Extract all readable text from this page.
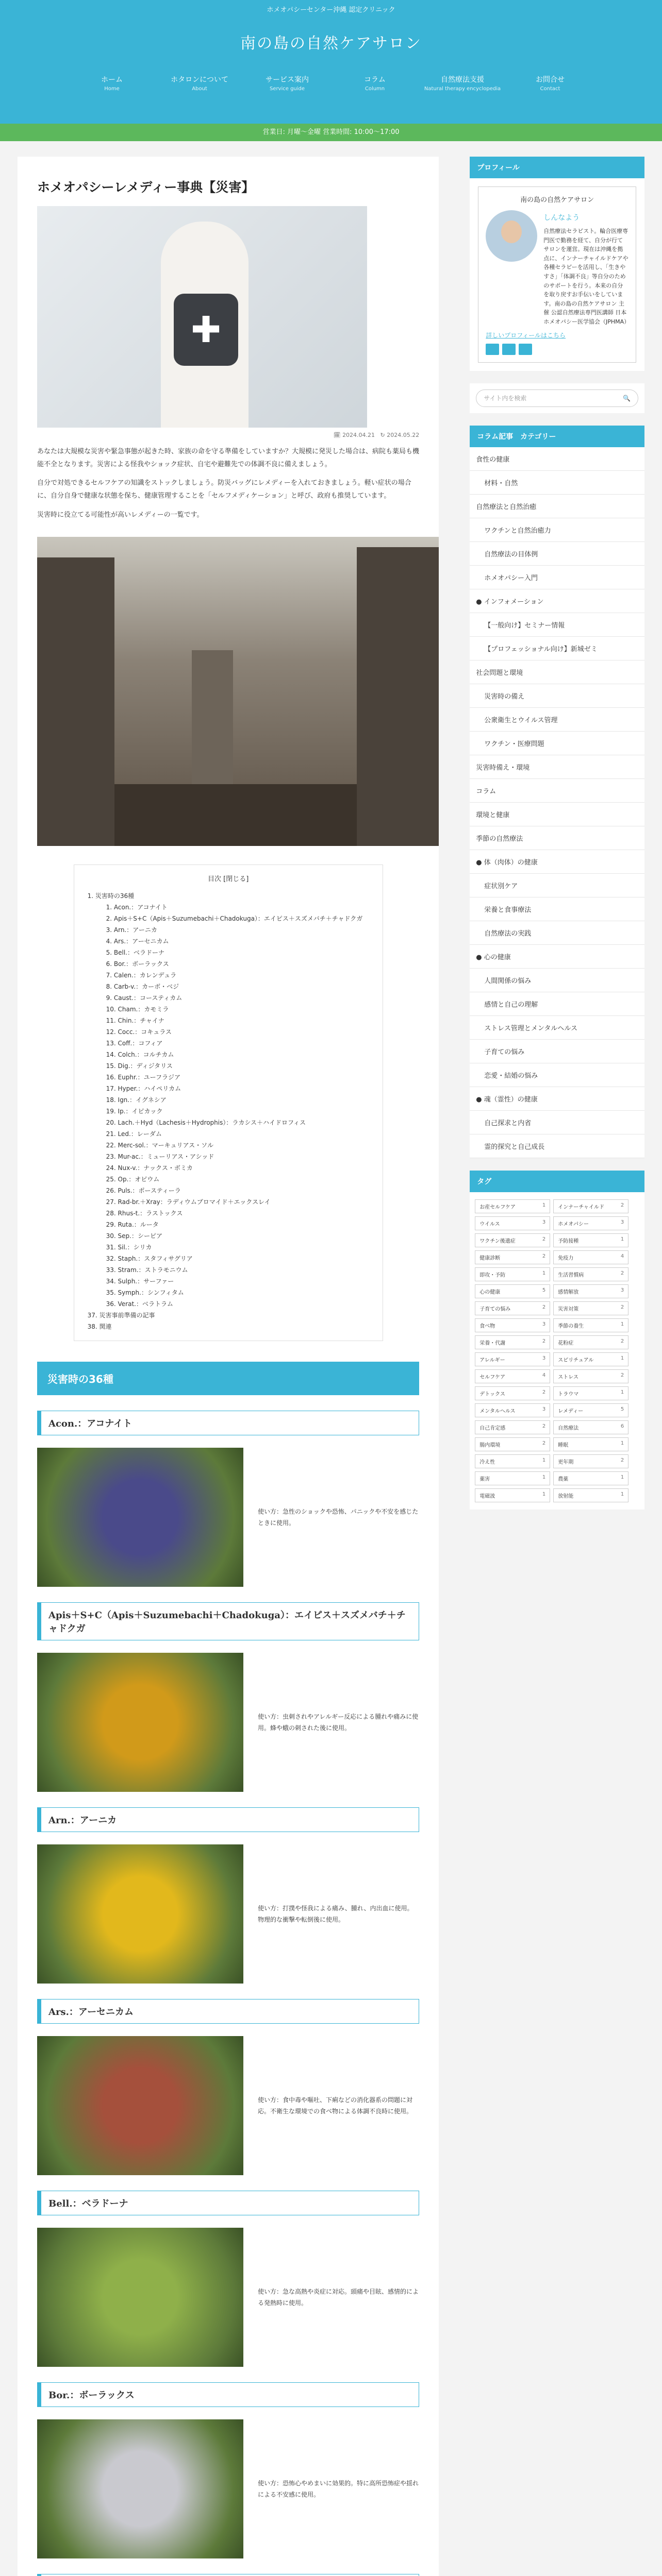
ホメオパシーセンター沖縄 認定クリニック
南の島の自然ケアサロン
ホーム
Home
ホタロンについて
About
サービス案内
Service guide
コラム
Column
自然療法支援
Natural therapy encyclopedia
お問合せ
Contact
営業日: 月曜〜金曜 営業時間: 10:00〜17:00
ホメオパシーレメディー事典【災害】
✚
🗓 2024.04.21 ↻ 2024.05.22

あなたは大規模な災害や緊急事態が起きた時、家族の命を守る準備をしていますか？大規模に発災した場合は、病院も薬局も機能不全となります。災害による怪我やショック症状、自宅や避難先での体調不良に備えましょう。

自分で対処できるセルフケアの知識をストックしましょう。防災バッグにレメディーを入れておきましょう。軽い症状の場合に、自分自身で健康な状態を保ち、健康管理することを「セルフメディケーション」と呼び、政府も推奨しています。

災害時に役立てる可能性が高いレメディーの一覧です。

目次 [閉じる]
1. 災害時の36種
1. Acon.：アコナイト
2. Apis＋S+C（Apis＋Suzumebachi＋Chadokuga）：エイピス＋スズメバチ＋チャドクガ
3. Arn.：アーニカ
4. Ars.：アーセニカム
5. Bell.：ベラドーナ
6. Bor.：ボーラックス
7. Calen.：カレンデュラ
8. Carb-v.：カーボ・ベジ
9. Caust.：コースティカム
10. Cham.：カモミラ
11. Chin.：チャイナ
12. Cocc.：コキュラス
13. Coff.：コフィア
14. Colch.：コルチカム
15. Dig.：ディジタリス
16. Euphr.：ユーフラジア
17. Hyper.：ハイペリカム
18. Ign.：イグネシア
19. Ip.：イピカック
20. Lach.＋Hyd（Lachesis＋Hydrophis）：ラカシス＋ハイドロフィス
21. Led.：レーダム
22. Merc-sol.：マーキュリアス・ソル
23. Mur-ac.：ミューリアス・アシッド
24. Nux-v.：ナックス・ボミカ
25. Op.：オピウム
26. Puls.：ポースティーラ
27. Rad-br.＋Xray：ラディウムブロマイド＋エックスレイ
28. Rhus-t.：ラストックス
29. Ruta.：ルータ
30. Sep.：シーピア
31. Sil.：シリカ
32. Staph.：スタフィサグリア
33. Stram.：ストラモニウム
34. Sulph.：サーファー
35. Symph.：シンフィタム
36. Verat.：ベラトラム
37. 災害事前準備の記事
38. 関連
災害時の36種
Acon.：アコナイト
使い方：急性のショックや恐怖、パニックや不安を感じたときに使用。
Apis＋S+C（Apis＋Suzumebachi＋Chadokuga）：エイピス＋スズメバチ＋チャドクガ
使い方：虫刺されやアレルギー反応による腫れや痛みに使用。蜂や蛾の刺された後に使用。
Arn.：アーニカ
使い方：打撲や怪我による痛み、腫れ、内出血に使用。物理的な衝撃や転倒後に使用。
Ars.：アーセニカム
使い方：食中毒や嘔吐、下痢などの消化器系の問題に対応。不衛生な環境での食べ物による体調不良時に使用。
Bell.：ベラドーナ
使い方：急な高熱や炎症に対応。頭痛や目眩、感情的による発熱時に使用。
Bor.：ボーラックス
使い方：恐怖心やめまいに効果的。特に高所恐怖症や揺れによる不安感に使用。
プロフィール
南の島の自然ケアサロン
しんなよう
自然療法セラピスト。輪合医療専門医で勤務を経て、自分が行てサロンを運営。現在は沖縄を拠点に、インナーチャイルドケアや各種セラピーを活用し、「生きやすさ」「体調不良」等自分のためのサポートを行う。本来の自分を取り戻すお手伝いをしています。南の島の自然ケアサロン 主催 公認自然療法専門医講師 日本ホメオパシー医学協会（JPHMA）
詳しいプロフィールはこちら
サイト内を検索	🔍
コラム記事　カテゴリー
食性の健康
材料・自然
自然療法と自然治癒
ワクチンと自然治癒力
自然療法の目体例
ホメオパシー入門
● インフォメーション
【一般向け】セミナー情報
【プロフェッショナル向け】新城ゼミ
社会問題と環境
災害時の備え
公衆衛生とウイルス管理
ワクチン・医療問題
災害時備え・環境
コラム
環境と健康
季節の自然療法
● 体（肉体）の健康
症状別ケア
栄養と食事療法
自然療法の実践
● 心の健康
人間関係の悩み
感情と自己の理解
ストレス管理とメンタルヘルス
子育ての悩み
恋愛・結婚の悩み
● 魂（霊性）の健康
自己探求と内省
霊的探究と自己成長
タグ
お産セルフケア	1 インナーチャイルド	2
ウイルス	3 ホメオパシー	3
ワクチン後遺症	2 予防接種	1
健康診断	2 免疫力	4
即攻・予防	1 生活習慣病	2
心の健康	5 感情解放	3
子育ての悩み	2 災害対策	2
食べ物	3 季節の養生	1
栄養・代謝	2 花粉症	2
アレルギー	3 スピリチュアル	1
セルフケア	4 ストレス	2
デトックス	2 トラウマ	1
メンタルヘルス	3 レメディー	5
自己肯定感	2 自然療法	6
腸内環境	2 睡眠	1
冷え性	1 更年期	2
薬害	1 農薬	1
電磁波	1 放射能	1
